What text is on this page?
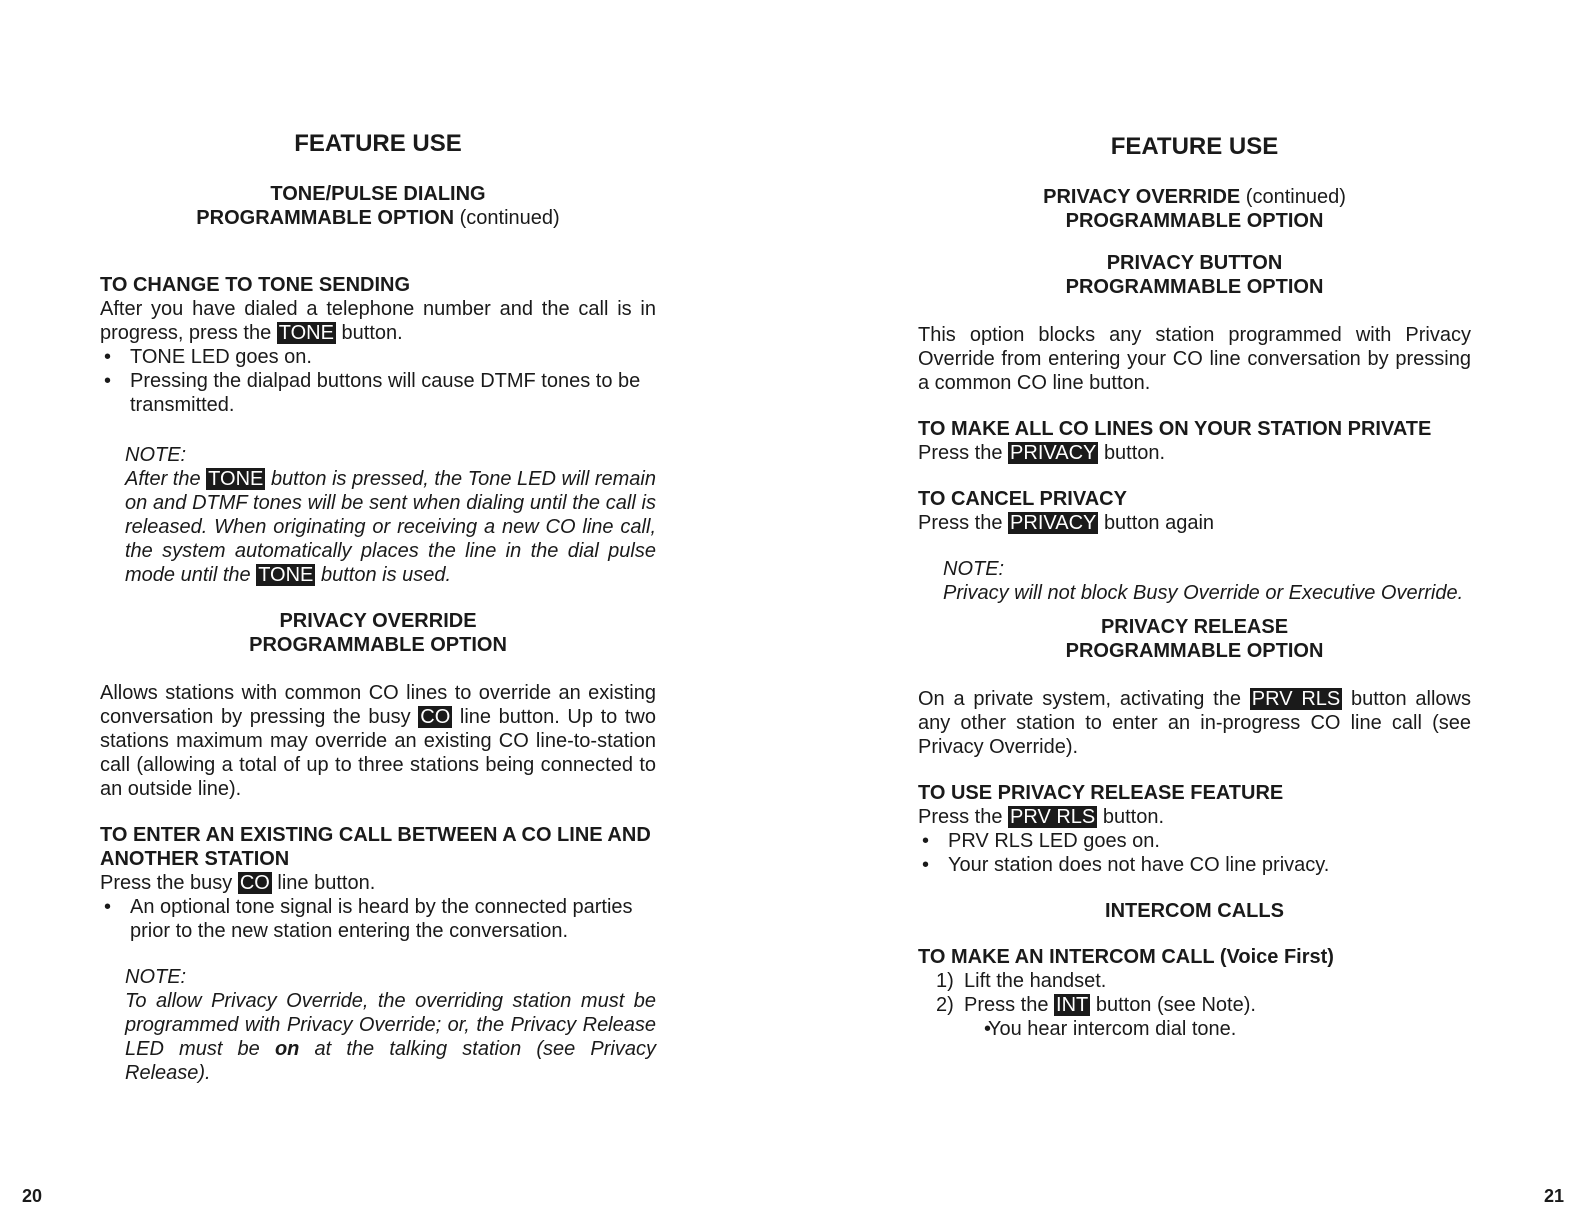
FEATURE USE
TONE/PULSE DIALING
PROGRAMMABLE OPTION (continued)
TO CHANGE TO TONE SENDING

After you have dialed a telephone number and the call is in progress, press the TONE button.

• TONE LED goes on.
• Pressing the dialpad buttons will cause DTMF tones to be transmitted.
NOTE:

After the TONE button is pressed, the Tone LED will remain on and DTMF tones will be sent when dialing until the call is released. When originating or receiving a new CO line call, the system automatically places the line in the dial pulse mode until the TONE button is used.

PRIVACY OVERRIDE
PROGRAMMABLE OPTION

Allows stations with common CO lines to override an existing conversation by pressing the busy CO line button. Up to two stations maximum may override an existing CO line-to-station call (allowing a total of up to three stations being connected to an outside line).

TO ENTER AN EXISTING CALL BETWEEN A CO LINE AND ANOTHER STATION

Press the busy CO line button.

• An optional tone signal is heard by the connected parties prior to the new station entering the conversation.
NOTE:

To allow Privacy Override, the overriding station must be programmed with Privacy Override; or, the Privacy Release LED must be on at the talking station (see Privacy Release).

20
FEATURE USE
PRIVACY OVERRIDE (continued)
PROGRAMMABLE OPTION
PRIVACY BUTTON
PROGRAMMABLE OPTION

This option blocks any station programmed with Privacy Override from entering your CO line conversation by pressing a common CO line button.

TO MAKE ALL CO LINES ON YOUR STATION PRIVATE

Press the PRIVACY button.

TO CANCEL PRIVACY

Press the PRIVACY button again

NOTE:

Privacy will not block Busy Override or Executive Override.

PRIVACY RELEASE
PROGRAMMABLE OPTION

On a private system, activating the PRV RLS button allows any other station to enter an in-progress CO line call (see Privacy Override).

TO USE PRIVACY RELEASE FEATURE

Press the PRV RLS button.

• PRV RLS LED goes on.
• Your station does not have CO line privacy.
INTERCOM CALLS
TO MAKE AN INTERCOM CALL (Voice First)
1) Lift the handset.
2) Press the INT button (see Note).
• You hear intercom dial tone.
21
